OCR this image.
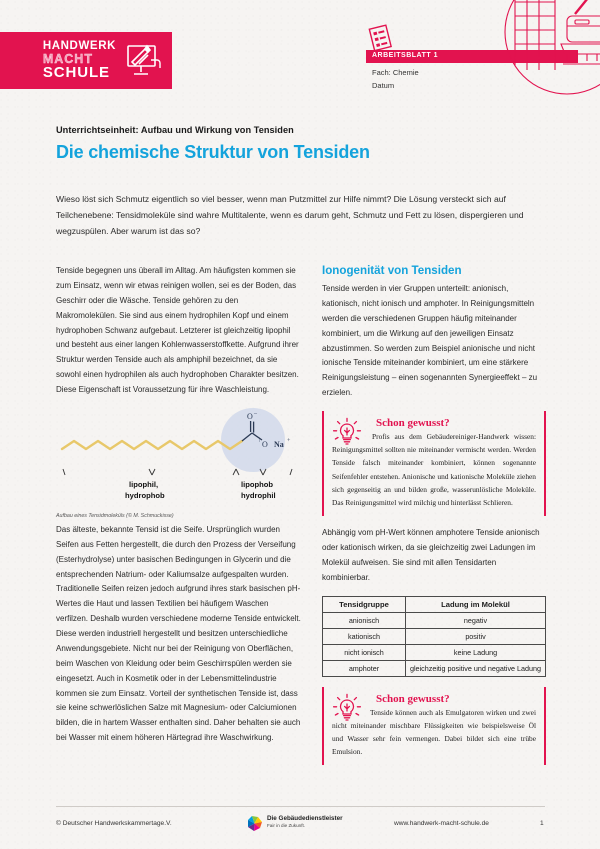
HANDWERK
MACHT
SCHULE
ARBEITSBLATT 1
Fach: Chemie
Datum
Unterrichtseinheit: Aufbau und Wirkung von Tensiden
Die chemische Struktur von Tensiden
Wieso löst sich Schmutz eigentlich so viel besser, wenn man Putzmittel zur Hilfe nimmt? Die Lösung versteckt sich auf Teilchenebene: Tensidmoleküle sind wahre Multitalente, wenn es darum geht, Schmutz und Fett zu lösen, dispergieren und wegzuspülen. Aber warum ist das so?

Tenside begegnen uns überall im Alltag. Am häufigsten kommen sie zum Einsatz, wenn wir etwas reinigen wollen, sei es der Boden, das Geschirr oder die Wäsche. Tenside gehören zu den Makromolekülen. Sie sind aus einem hydrophilen Kopf und einem hydrophoben Schwanz aufgebaut. Letzterer ist gleichzeitig lipophil und besteht aus einer langen Kohlenwasserstoffkette. Aufgrund ihrer Struktur werden Tenside auch als amphiphil bezeichnet, da sie sowohl einen hydrophilen als auch hydrophoben Charakter besitzen. Diese Eigenschaft ist Voraussetzung für ihre Waschleistung.

O –
O
| Na +
lipophil,
hydrophob
lipophob
hydrophil
Aufbau eines Tensidmoleküls (© M. Schmuckisse)

Das älteste, bekannte Tensid ist die Seife. Ursprünglich wurden Seifen aus Fetten hergestellt, die durch den Prozess der Verseifung (Esterhydrolyse) unter basischen Bedingungen in Glycerin und die entsprechenden Natrium- oder Kaliumsalze aufgespalten wurden. Traditionelle Seifen reizen jedoch aufgrund ihres stark basischen pH-Wertes die Haut und lassen Textilien bei häufigem Waschen verfilzen. Deshalb wurden verschiedene moderne Tenside entwickelt. Diese werden industriell hergestellt und besitzen unterschiedliche Anwendungsgebiete. Nicht nur bei der Reinigung von Oberflächen, beim Waschen von Kleidung oder beim Geschirrspülen werden sie eingesetzt. Auch in Kosmetik oder in der Lebensmittelindustrie kommen sie zum Einsatz. Vorteil der synthetischen Tenside ist, dass sie keine schwerlöslichen Salze mit Magnesium- oder Calciumionen bilden, die in hartem Wasser enthalten sind. Daher behalten sie auch bei Wasser mit einem höheren Härtegrad ihre Waschwirkung.

Ionogenität von Tensiden

Tenside werden in vier Gruppen unterteilt: anionisch, kationisch, nicht ionisch und amphoter. In Reinigungsmitteln werden die verschiedenen Gruppen häufig miteinander kombiniert, um die Wirkung auf den jeweiligen Einsatz abzustimmen. So werden zum Beispiel anionische und nicht ionische Tenside miteinander kombiniert, um eine stärkere Reinigungsleistung – einen sogenannten Synergieeffekt – zu erzielen.

Schon gewusst?

Profis aus dem Gebäudereiniger-Handwerk wissen: Reinigungsmittel sollten nie miteinander vermischt werden. Werden Tenside falsch miteinander kombiniert, können sogenannte Seifenfehler entstehen. Anionische und kationische Moleküle ziehen sich gegenseitig an und bilden große, wasserunlösliche Moleküle. Das Reinigungsmittel wird milchig und hinterlässt Schlieren.

Abhängig vom pH-Wert können amphotere Tenside anionisch oder kationisch wirken, da sie gleichzeitig zwei Ladungen im Molekül aufweisen. Sie sind mit allen Tensidarten kombinierbar.

Tensidgruppe	Ladung im Molekül
anionisch	negativ
kationisch	positiv
nicht ionisch	keine Ladung
amphoter	gleichzeitig positive und negative Ladung
Schon gewusst?

Tenside können auch als Emulgatoren wirken und zwei nicht miteinander mischbare Flüssigkeiten wie beispielsweise Öl und Wasser sehr fein vermengen. Dabei bildet sich eine trübe Emulsion.

© Deutscher Handwerkskammertage.V.
Die Gebäudedienstleister
Fair in die Zukunft.	www.handwerk-macht-schule.de	1
